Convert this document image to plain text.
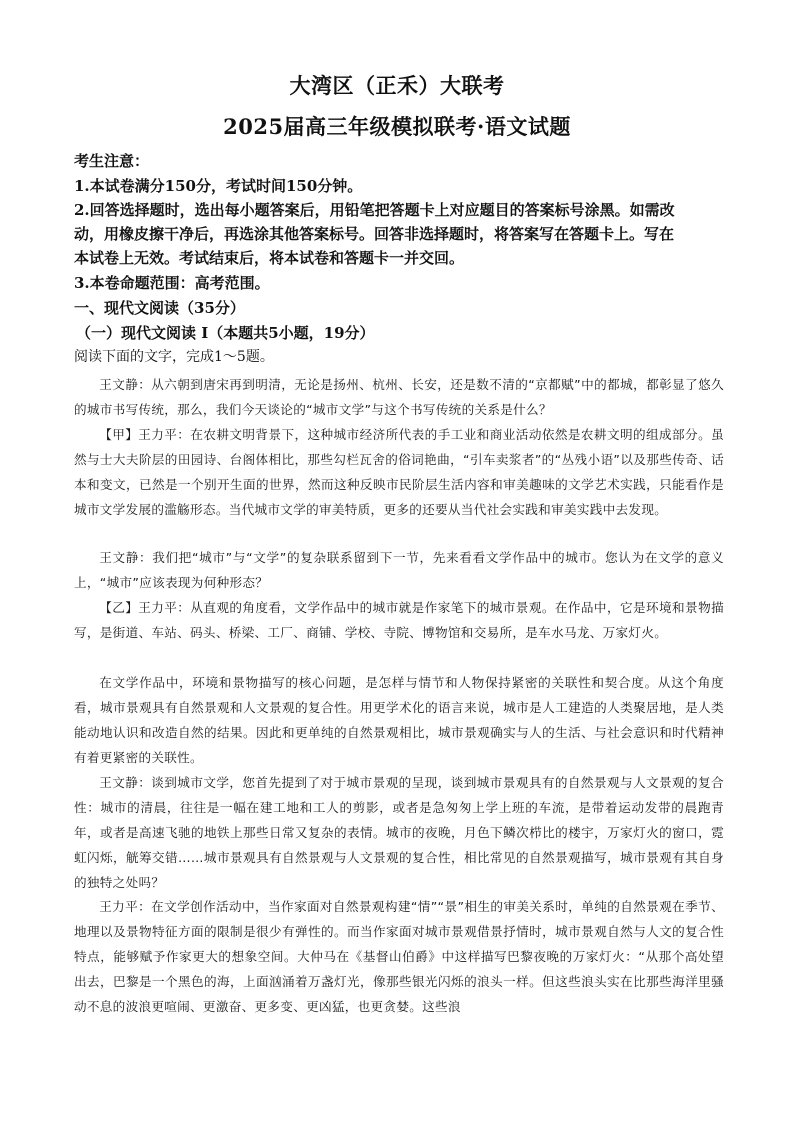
大湾区（正禾）大联考
2025届高三年级模拟联考·语文试题
考生注意：
1.本试卷满分150分，考试时间150分钟。
2.回答选择题时，选出每小题答案后，用铅笔把答题卡上对应题目的答案标号涂黑。如需改
动，用橡皮擦干净后，再选涂其他答案标号。回答非选择题时，将答案写在答题卡上。写在
本试卷上无效。考试结束后，将本试卷和答题卡一并交回。
3.本卷命题范围：高考范围。
一、现代文阅读（35分）
（一）现代文阅读 I（本题共5小题，19分）
阅读下面的文字，完成1～5题。
王文静：从六朝到唐宋再到明清，无论是扬州、杭州、长安，还是数不清的“京都赋”中的都城，都彰显了悠久的城市书写传统，那么，我们今天谈论的“城市文学”与这个书写传统的关系是什么？
【甲】王力平：在农耕文明背景下，这种城市经济所代表的手工业和商业活动依然是农耕文明的组成部分。虽然与士大夫阶层的田园诗、台阁体相比，那些勾栏瓦舍的俗词艳曲，“引车卖浆者”的“丛残小语”以及那些传奇、话本和变文，已然是一个别开生面的世界，然而这种反映市民阶层生活内容和审美趣味的文学艺术实践，只能看作是城市文学发展的滥觞形态。当代城市文学的审美特质，更多的还要从当代社会实践和审美实践中去发现。
王文静：我们把“城市”与“文学”的复杂联系留到下一节，先来看看文学作品中的城市。您认为在文学的意义上，“城市”应该表现为何种形态？
【乙】王力平：从直观的角度看，文学作品中的城市就是作家笔下的城市景观。在作品中，它是环境和景物描写，是街道、车站、码头、桥梁、工厂、商铺、学校、寺院、博物馆和交易所，是车水马龙、万家灯火。
在文学作品中，环境和景物描写的核心问题，是怎样与情节和人物保持紧密的关联性和契合度。从这个角度看，城市景观具有自然景观和人文景观的复合性。用更学术化的语言来说，城市是人工建造的人类聚居地，是人类能动地认识和改造自然的结果。因此和更单纯的自然景观相比，城市景观确实与人的生活、与社会意识和时代精神有着更紧密的关联性。
王文静：谈到城市文学，您首先提到了对于城市景观的呈现，谈到城市景观具有的自然景观与人文景观的复合性：城市的清晨，往往是一幅在建工地和工人的剪影，或者是急匆匆上学上班的车流，是带着运动发带的晨跑青年，或者是高速飞驰的地铁上那些日常又复杂的表情。城市的夜晚，月色下鳞次栉比的楼宇，万家灯火的窗口，霓虹闪烁，觥筹交错……城市景观具有自然景观与人文景观的复合性，相比常见的自然景观描写，城市景观有其自身的独特之处吗？
王力平：在文学创作活动中，当作家面对自然景观构建“情”“景”相生的审美关系时，单纯的自然景观在季节、地理以及景物特征方面的限制是很少有弹性的。而当作家面对城市景观借景抒情时，城市景观自然与人文的复合性特点，能够赋予作家更大的想象空间。大仲马在《基督山伯爵》中这样描写巴黎夜晚的万家灯火：“从那个高处望出去，巴黎是一个黑色的海，上面汹涌着万盏灯光，像那些银光闪烁的浪头一样。但这些浪头实在比那些海洋里骚动不息的波浪更喧闹、更激奋、更多变、更凶猛，也更贪婪。这些浪
